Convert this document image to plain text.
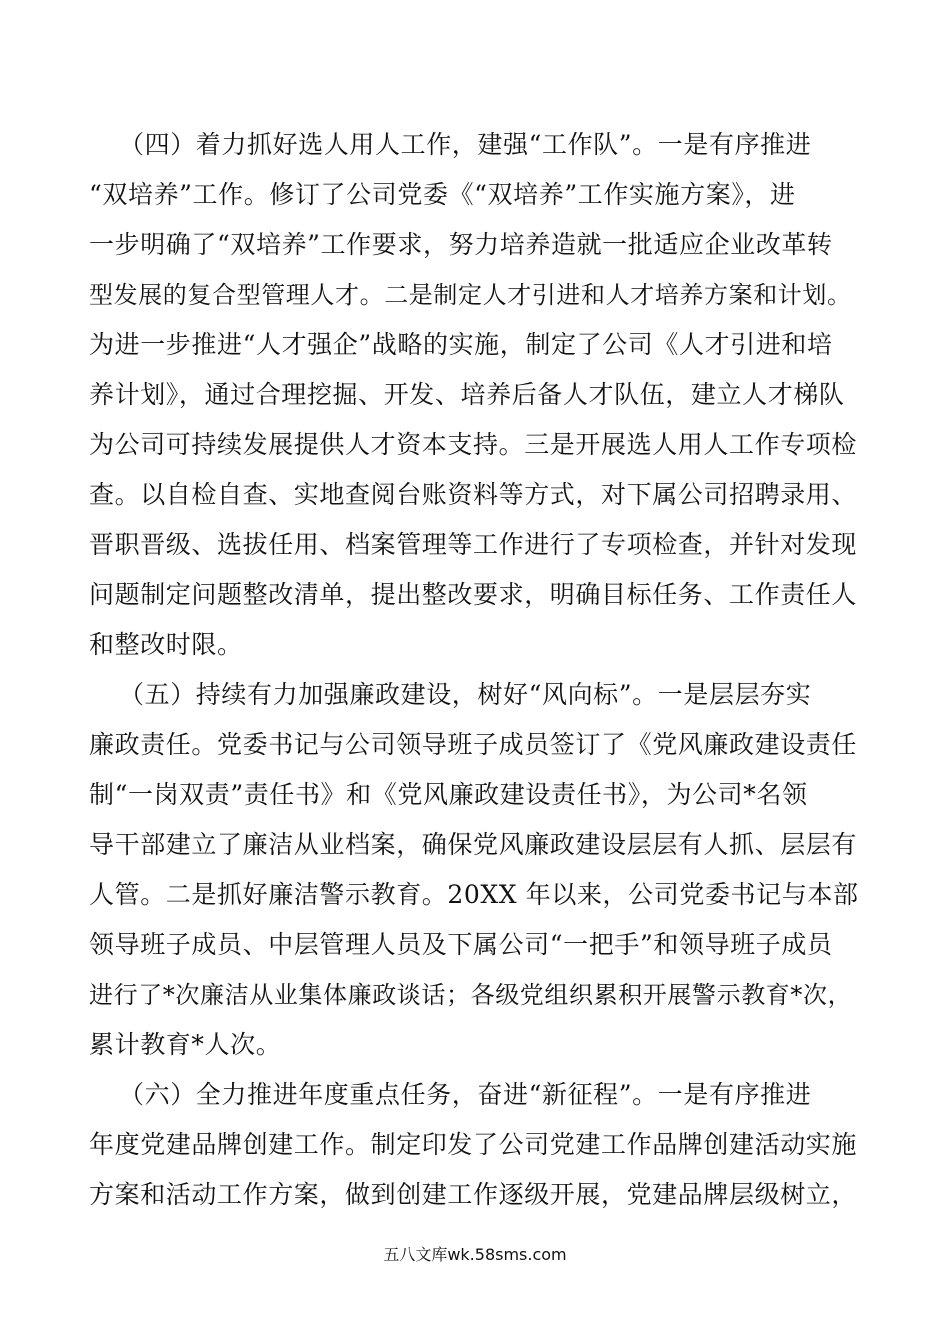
（四）着力抓好选人用人工作，建强“工作队”。一是有序推进
“双培养”工作。修订了公司党委《“双培养”工作实施方案》，进
一步明确了“双培养”工作要求，努力培养造就一批适应企业改革转
型发展的复合型管理人才。二是制定人才引进和人才培养方案和计划。
为进一步推进“人才强企”战略的实施，制定了公司《人才引进和培
养计划》，通过合理挖掘、开发、培养后备人才队伍，建立人才梯队
为公司可持续发展提供人才资本支持。三是开展选人用人工作专项检
查。以自检自查、实地查阅台账资料等方式，对下属公司招聘录用、
晋职晋级、选拔任用、档案管理等工作进行了专项检查，并针对发现
问题制定问题整改清单，提出整改要求，明确目标任务、工作责任人
和整改时限。
（五）持续有力加强廉政建设，树好“风向标”。一是层层夯实
廉政责任。党委书记与公司领导班子成员签订了《党风廉政建设责任
制“一岗双责”责任书》和《党风廉政建设责任书》，为公司*名领
导干部建立了廉洁从业档案，确保党风廉政建设层层有人抓、层层有
人管。二是抓好廉洁警示教育。20XX 年以来，公司党委书记与本部
领导班子成员、中层管理人员及下属公司“一把手”和领导班子成员
进行了*次廉洁从业集体廉政谈话；各级党组织累积开展警示教育*次，
累计教育*人次。
（六）全力推进年度重点任务，奋进“新征程”。一是有序推进
年度党建品牌创建工作。制定印发了公司党建工作品牌创建活动实施
方案和活动工作方案，做到创建工作逐级开展，党建品牌层级树立，
五八文库wk.58sms.com
